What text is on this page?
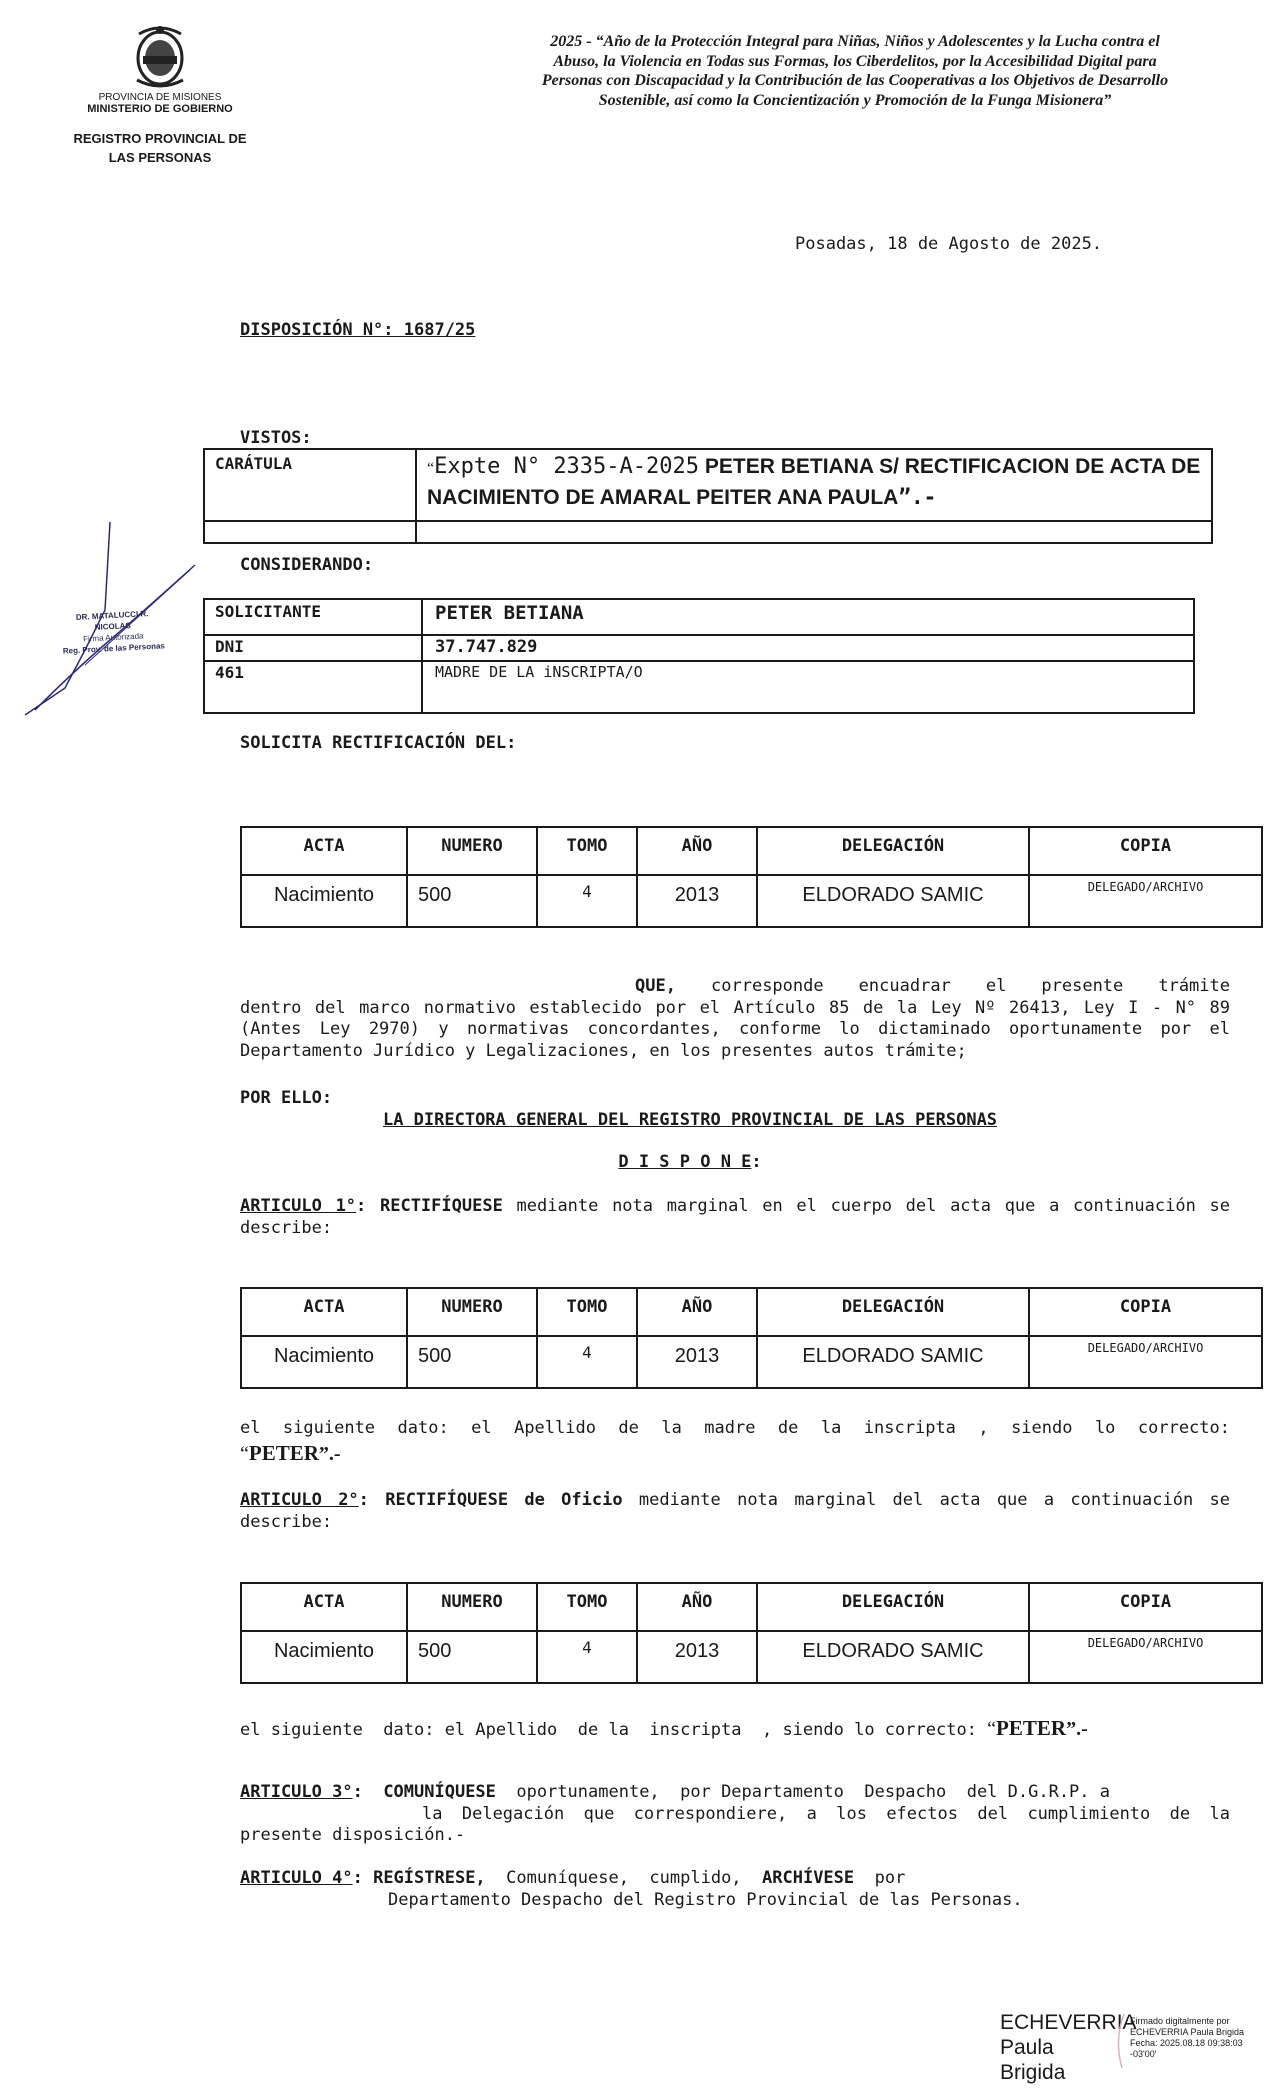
PROVINCIA DE MISIONES
MINISTERIO DE GOBIERNO
REGISTRO PROVINCIAL DE
LAS PERSONAS
2025 - “Año de la Protección Integral para Niñas, Niños y Adolescentes y la Lucha contra el Abuso, la Violencia en Todas sus Formas, los Ciberdelitos, por la Accesibilidad Digital para Personas con Discapacidad y la Contribución de las Cooperativas a los Objetivos de Desarrollo Sostenible, así como la Concientización y Promoción de la Funga Misionera”
Posadas, 18 de Agosto de 2025.
DISPOSICIÓN N°: 1687/25
VISTOS:
CARÁTULA	“Expte N° 2335-A-2025 PETER BETIANA S/ RECTIFICACION DE ACTA DE NACIMIENTO DE AMARAL PEITER ANA PAULA”.-

CONSIDERANDO:
SOLICITANTE	PETER BETIANA
DNI	37.747.829
461	MADRE DE LA iNSCRIPTA/O
DR. MATALUCCI R. NICOLAS
Firma Autorizada
Reg. Prov. de las Personas
SOLICITA RECTIFICACIÓN DEL:
ACTA	NUMERO	TOMO	AÑO	DELEGACIÓN	COPIA
Nacimiento	500	4	2013	ELDORADO SAMIC	DELEGADO/ARCHIVO
QUE, corresponde encuadrar el presente trámite
dentro del marco normativo establecido por el Artículo 85 de la Ley Nº 26413, Ley I - N° 89 (Antes Ley 2970) y normativas concordantes, conforme lo dictaminado oportunamente por el Departamento Jurídico y Legalizaciones, en los presentes autos trámite;
POR ELLO:
LA DIRECTORA GENERAL DEL REGISTRO PROVINCIAL DE LAS PERSONAS
D I S P O N E:
ARTICULO 1°: RECTIFÍQUESE mediante nota marginal en el cuerpo del acta que a continuación se describe:
ACTA	NUMERO	TOMO	AÑO	DELEGACIÓN	COPIA
Nacimiento	500	4	2013	ELDORADO SAMIC	DELEGADO/ARCHIVO
el siguiente dato: el Apellido de la madre de la inscripta , siendo lo correcto:
“PETER”.-
ARTICULO 2°: RECTIFÍQUESE de Oficio mediante nota marginal del acta que a continuación se describe:
ACTA	NUMERO	TOMO	AÑO	DELEGACIÓN	COPIA
Nacimiento	500	4	2013	ELDORADO SAMIC	DELEGADO/ARCHIVO
el siguiente  dato: el Apellido  de la  inscripta  , siendo lo correcto: “PETER”.-
ARTICULO 3°:  COMUNÍQUESE  oportunamente,  por Departamento  Despacho  del D.G.R.P. a
la Delegación que correspondiere, a los efectos del cumplimiento de la
presente disposición.-
ARTICULO 4°: REGÍSTRESE,  Comuníquese,  cumplido,  ARCHÍVESE  por
Departamento Despacho del Registro Provincial de las Personas.
ECHEVERRIA
Paula Brigida
Firmado digitalmente por
ECHEVERRIA Paula Brigida
Fecha: 2025.08.18 09:38:03
-03'00'
